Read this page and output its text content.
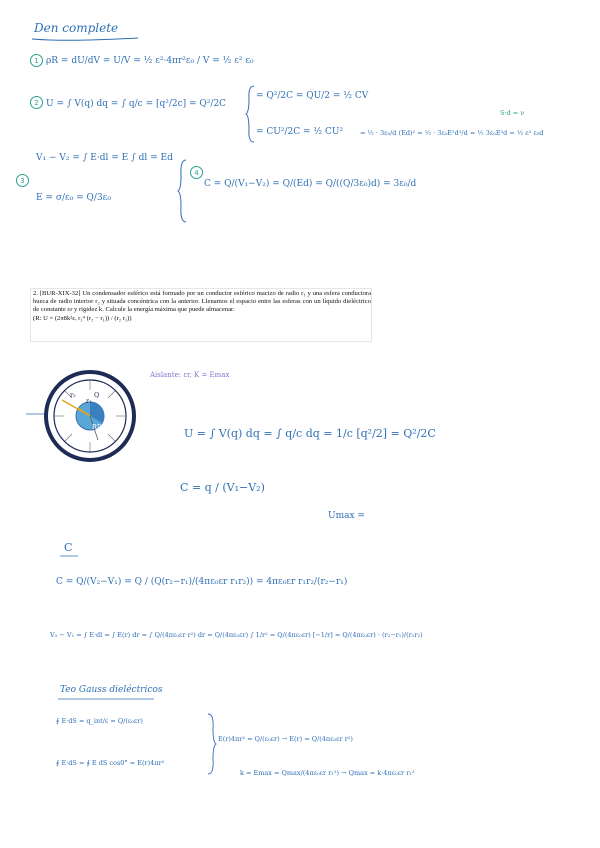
Den complete
1 ρR = dU/dV = U/V = ½ ε²·4πr²ε₀ / V = ½ ε² ε₀
2 U = ∫ V(q) dq = ∫ q/c = [q²/2c] = Q²/2C
= Q²/2C = QU/2 = ½ CV
= CU²/2C = ½ CU²	= ½ · 3ε₀/d (Ed)² = ½ · 3ε₀E²d²/d = ½ 3ε₀E²d = ½ ε² ε₀d
S·d = ν
V₁ − V₂ = ∫ E·dl = E ∫ dl = Ed
3
E = σ/ε₀ = Q/3ε₀
4
C = Q/(V₁−V₂) = Q/(Ed) = Q/((Q/3ε₀)d) = 3ε₀/d
2. [BUR-XIX-32] Un condensador esférico está formado por un conductor esférico macizo de radio r₁ y una esfera conductora hueca de radio interior r₂ y situada concéntrica con la anterior. Llenamos el espacio entre las esferas con un líquido dieléctrico de constante εr y rigidez k. Calcule la energía máxima que puede almacenar.
(R: U = (2π8k²εᵣ r₁⁴ (r₂ − r₁)) / (r₂ r₁))
r₁
r₂	Q
RR
Aislante: εr, K = Emax
U = ∫ V(q) dq = ∫ q/c dq = 1/c [q²/2] = Q²/2C
C = q / (V₁−V₂)
Umax =
C
C = Q/(V₂−V₁) = Q / (Q(r₂−r₁)/(4πε₀εr r₁r₂)) = 4πε₀εr r₁r₂/(r₂−r₁)
V₂ − V₁ = ∫ E·dl = ∫ E(r) dr = ∫ Q/(4πε₀εr r²) dr = Q/(4πε₀εr) ∫ 1/r² = Q/(4πε₀εr) [−1/r] = Q/(4πε₀εr) · (r₂−r₁)/(r₁r₂)
Teo Gauss dieléctricos
∮ E·dS = q_int/ε = Q/(ε₀εr)
∮ E·dS = ∮ E dS cos0° = E(r)4πr²
E(r)4πr² = Q/(ε₀εr) → E(r) = Q/(4πε₀εr r²)
k = Emax = Qmax/(4πε₀εr r₁²) → Qmax = k·4πε₀εr r₁²
